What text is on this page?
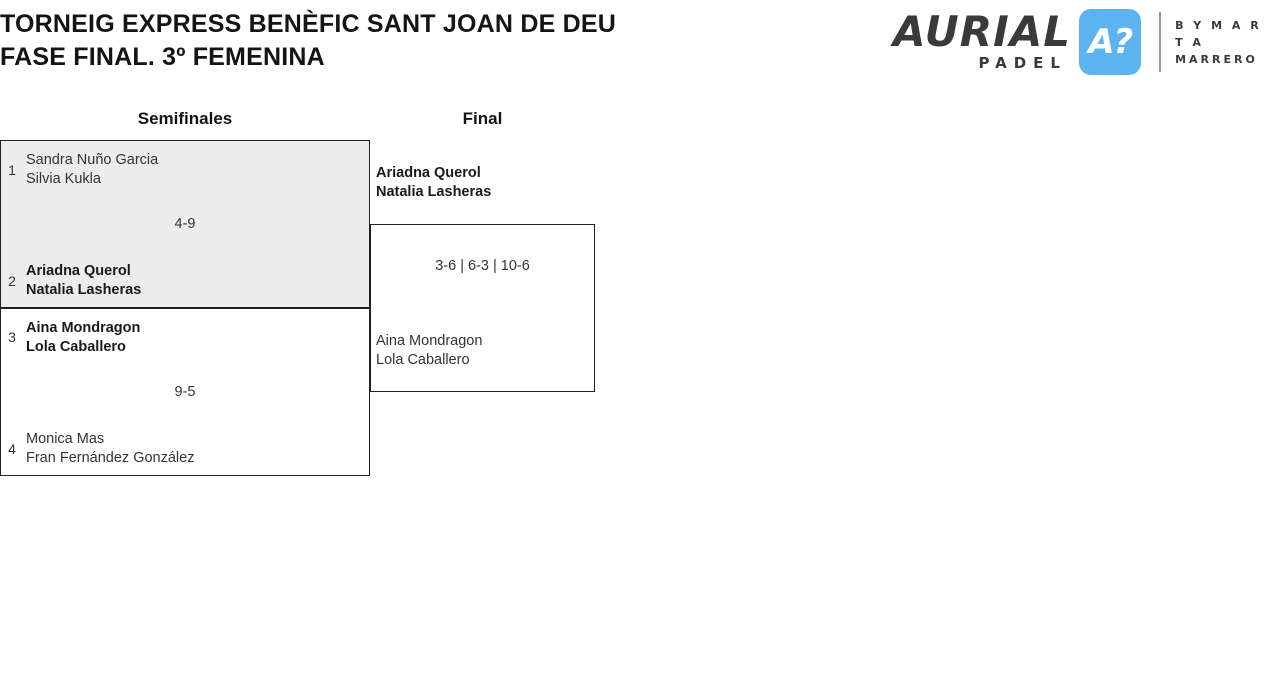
TORNEIG EXPRESS BENÈFIC SANT JOAN DE DEU
FASE FINAL. 3º FEMENINA
AURIAL
PADEL
A?	B Y M A R T A
MARRERO
Semifinales	Final
1
Sandra Nuño Garcia
Silvia Kukla
4-9
2
Ariadna Querol
Natalia Lasheras
3
Aina Mondragon
Lola Caballero
9-5
4
Monica Mas
Fran Fernández González
Ariadna Querol
Natalia Lasheras
3-6 | 6-3 | 10-6
Aina Mondragon
Lola Caballero
